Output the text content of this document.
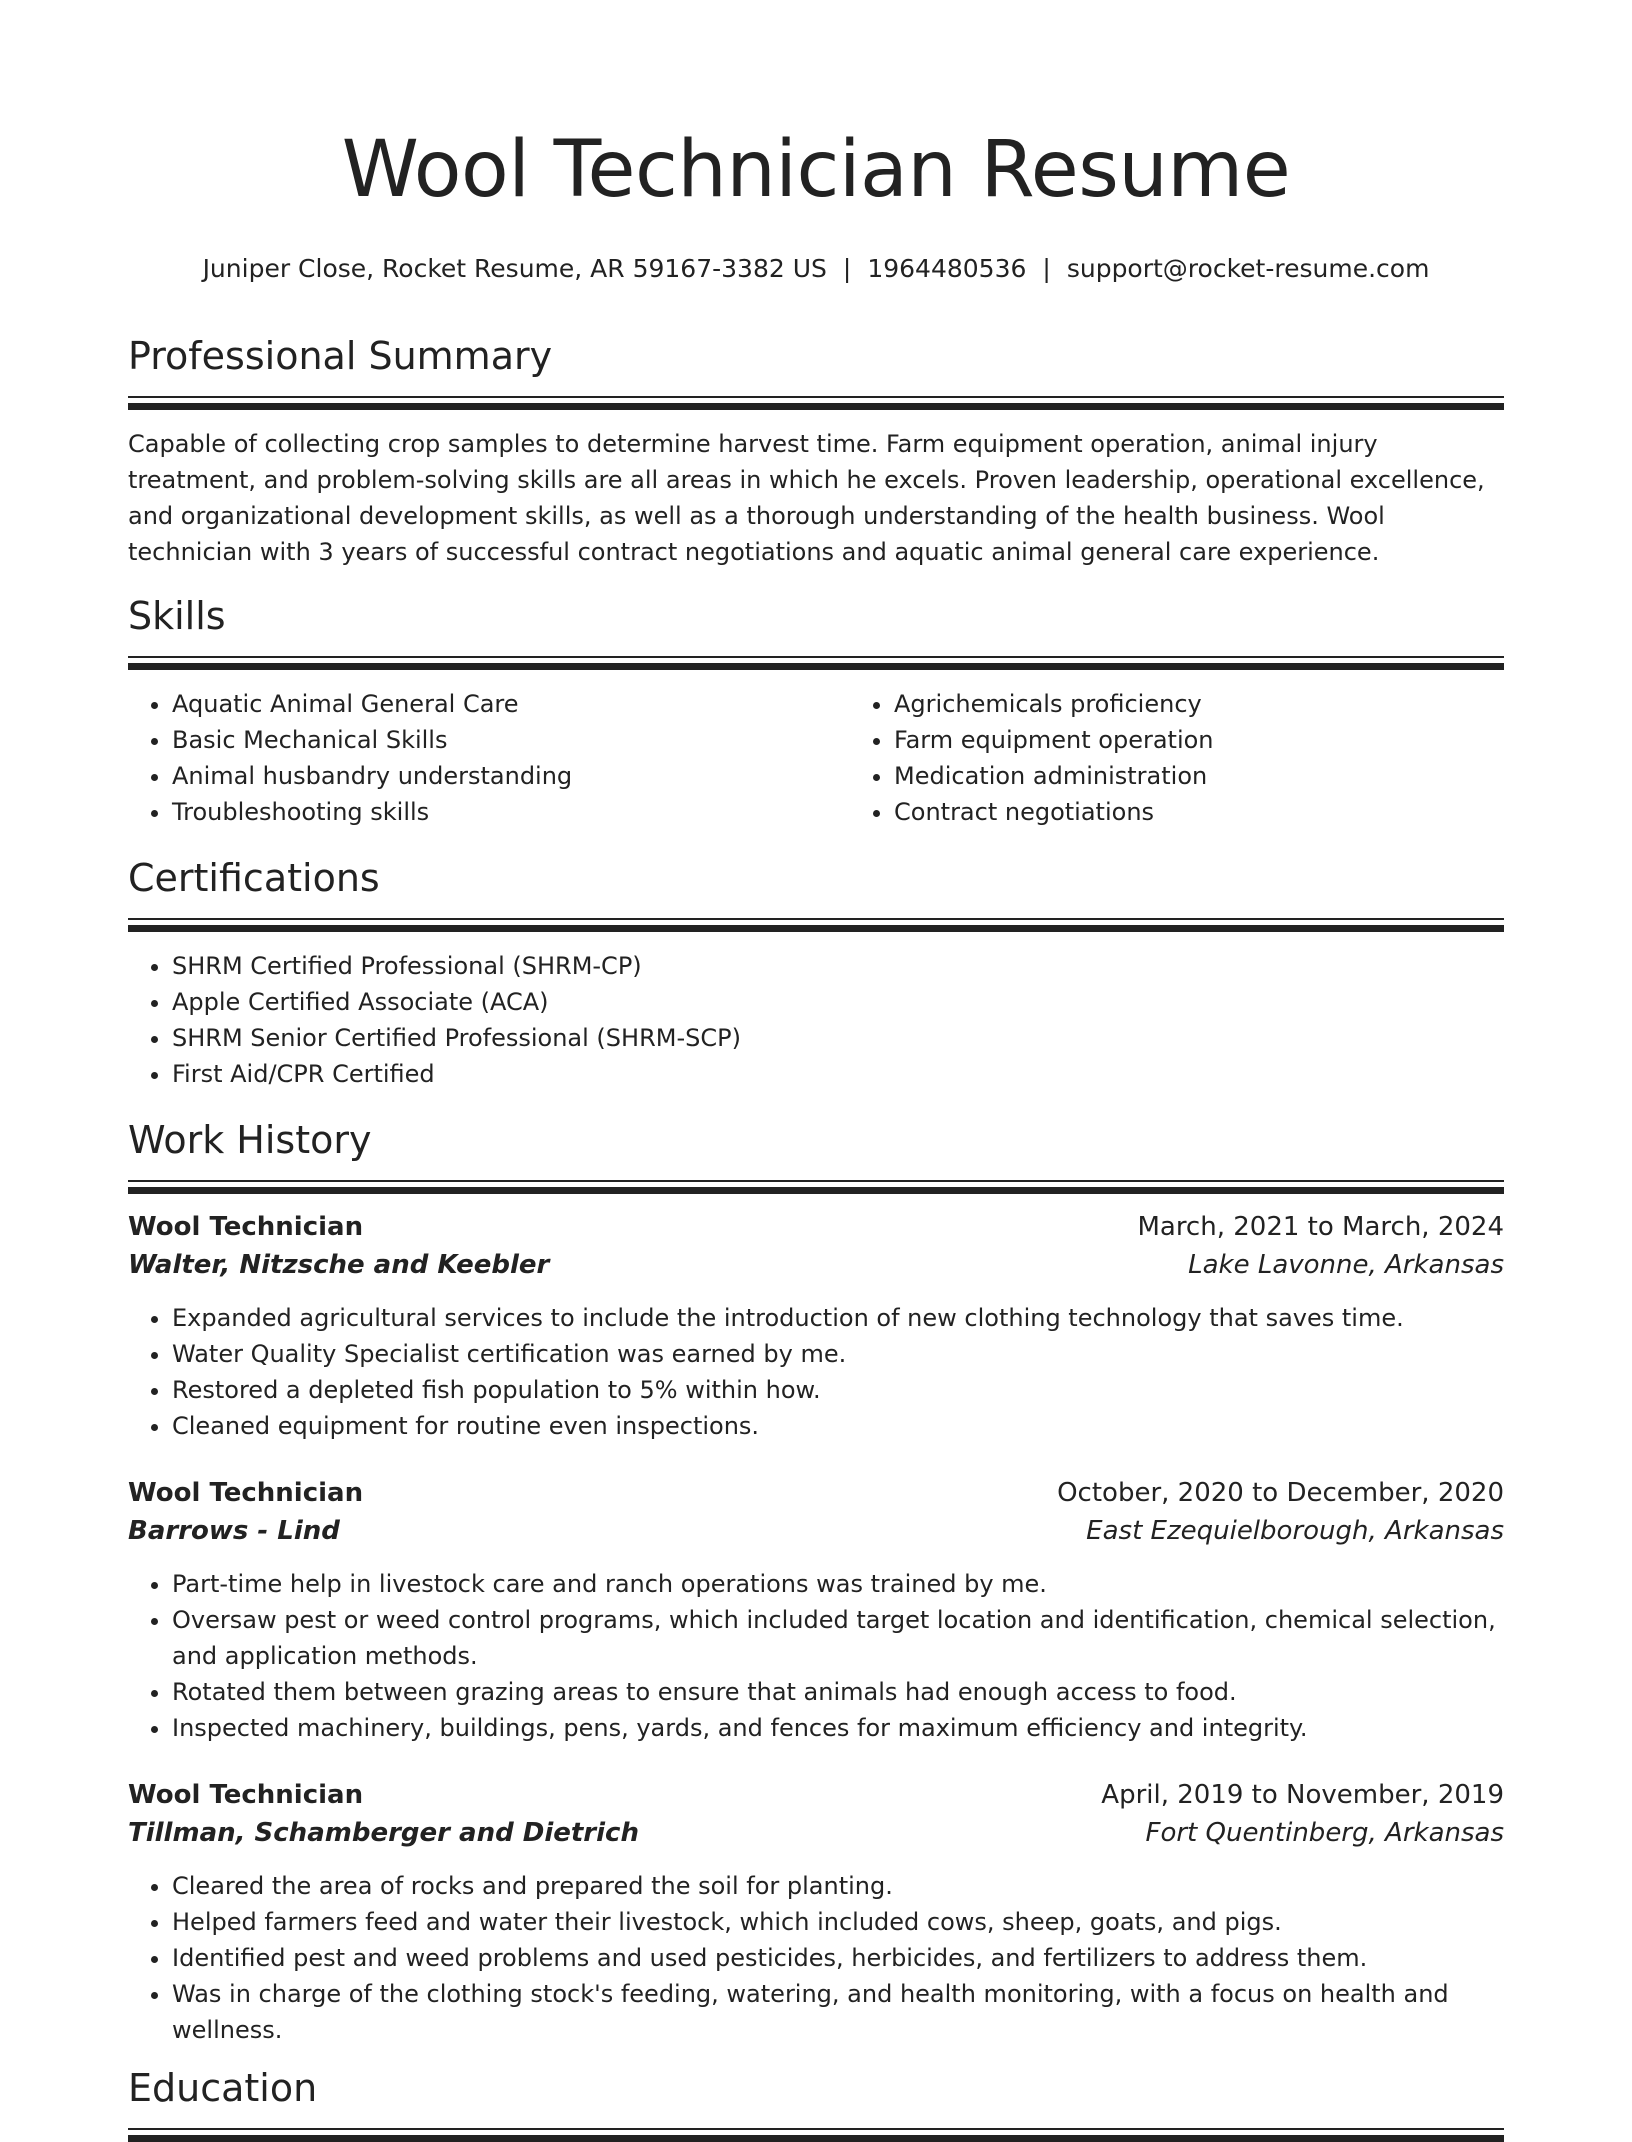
Wool Technician Resume
Juniper Close, Rocket Resume, AR 59167-3382 US | 1964480536 | support@rocket-resume.com
Professional Summary

Capable of collecting crop samples to determine harvest time. Farm equipment operation, animal injury treatment, and problem-solving skills are all areas in which he excels. Proven leadership, operational excellence, and organizational development skills, as well as a thorough understanding of the health business. Wool technician with 3 years of successful contract negotiations and aquatic animal general care experience.

Skills
• Aquatic Animal General Care
• Basic Mechanical Skills
• Animal husbandry understanding
• Troubleshooting skills
• Agrichemicals proficiency
• Farm equipment operation
• Medication administration
• Contract negotiations
Certifications
• SHRM Certified Professional (SHRM-CP)
• Apple Certified Associate (ACA)
• SHRM Senior Certified Professional (SHRM-SCP)
• First Aid/CPR Certified
Work History
Wool Technician	March, 2021 to March, 2024
Walter, Nitzsche and Keebler	Lake Lavonne, Arkansas
• Expanded agricultural services to include the introduction of new clothing technology that saves time.
• Water Quality Specialist certification was earned by me.
• Restored a depleted fish population to 5% within how.
• Cleaned equipment for routine even inspections.
Wool Technician	October, 2020 to December, 2020
Barrows - Lind	East Ezequielborough, Arkansas
• Part-time help in livestock care and ranch operations was trained by me.
• Oversaw pest or weed control programs, which included target location and identification, chemical selection, and application methods.
• Rotated them between grazing areas to ensure that animals had enough access to food.
• Inspected machinery, buildings, pens, yards, and fences for maximum efficiency and integrity.
Wool Technician	April, 2019 to November, 2019
Tillman, Schamberger and Dietrich	Fort Quentinberg, Arkansas
• Cleared the area of rocks and prepared the soil for planting.
• Helped farmers feed and water their livestock, which included cows, sheep, goats, and pigs.
• Identified pest and weed problems and used pesticides, herbicides, and fertilizers to address them.
• Was in charge of the clothing stock's feeding, watering, and health monitoring, with a focus on health and wellness.
Education
